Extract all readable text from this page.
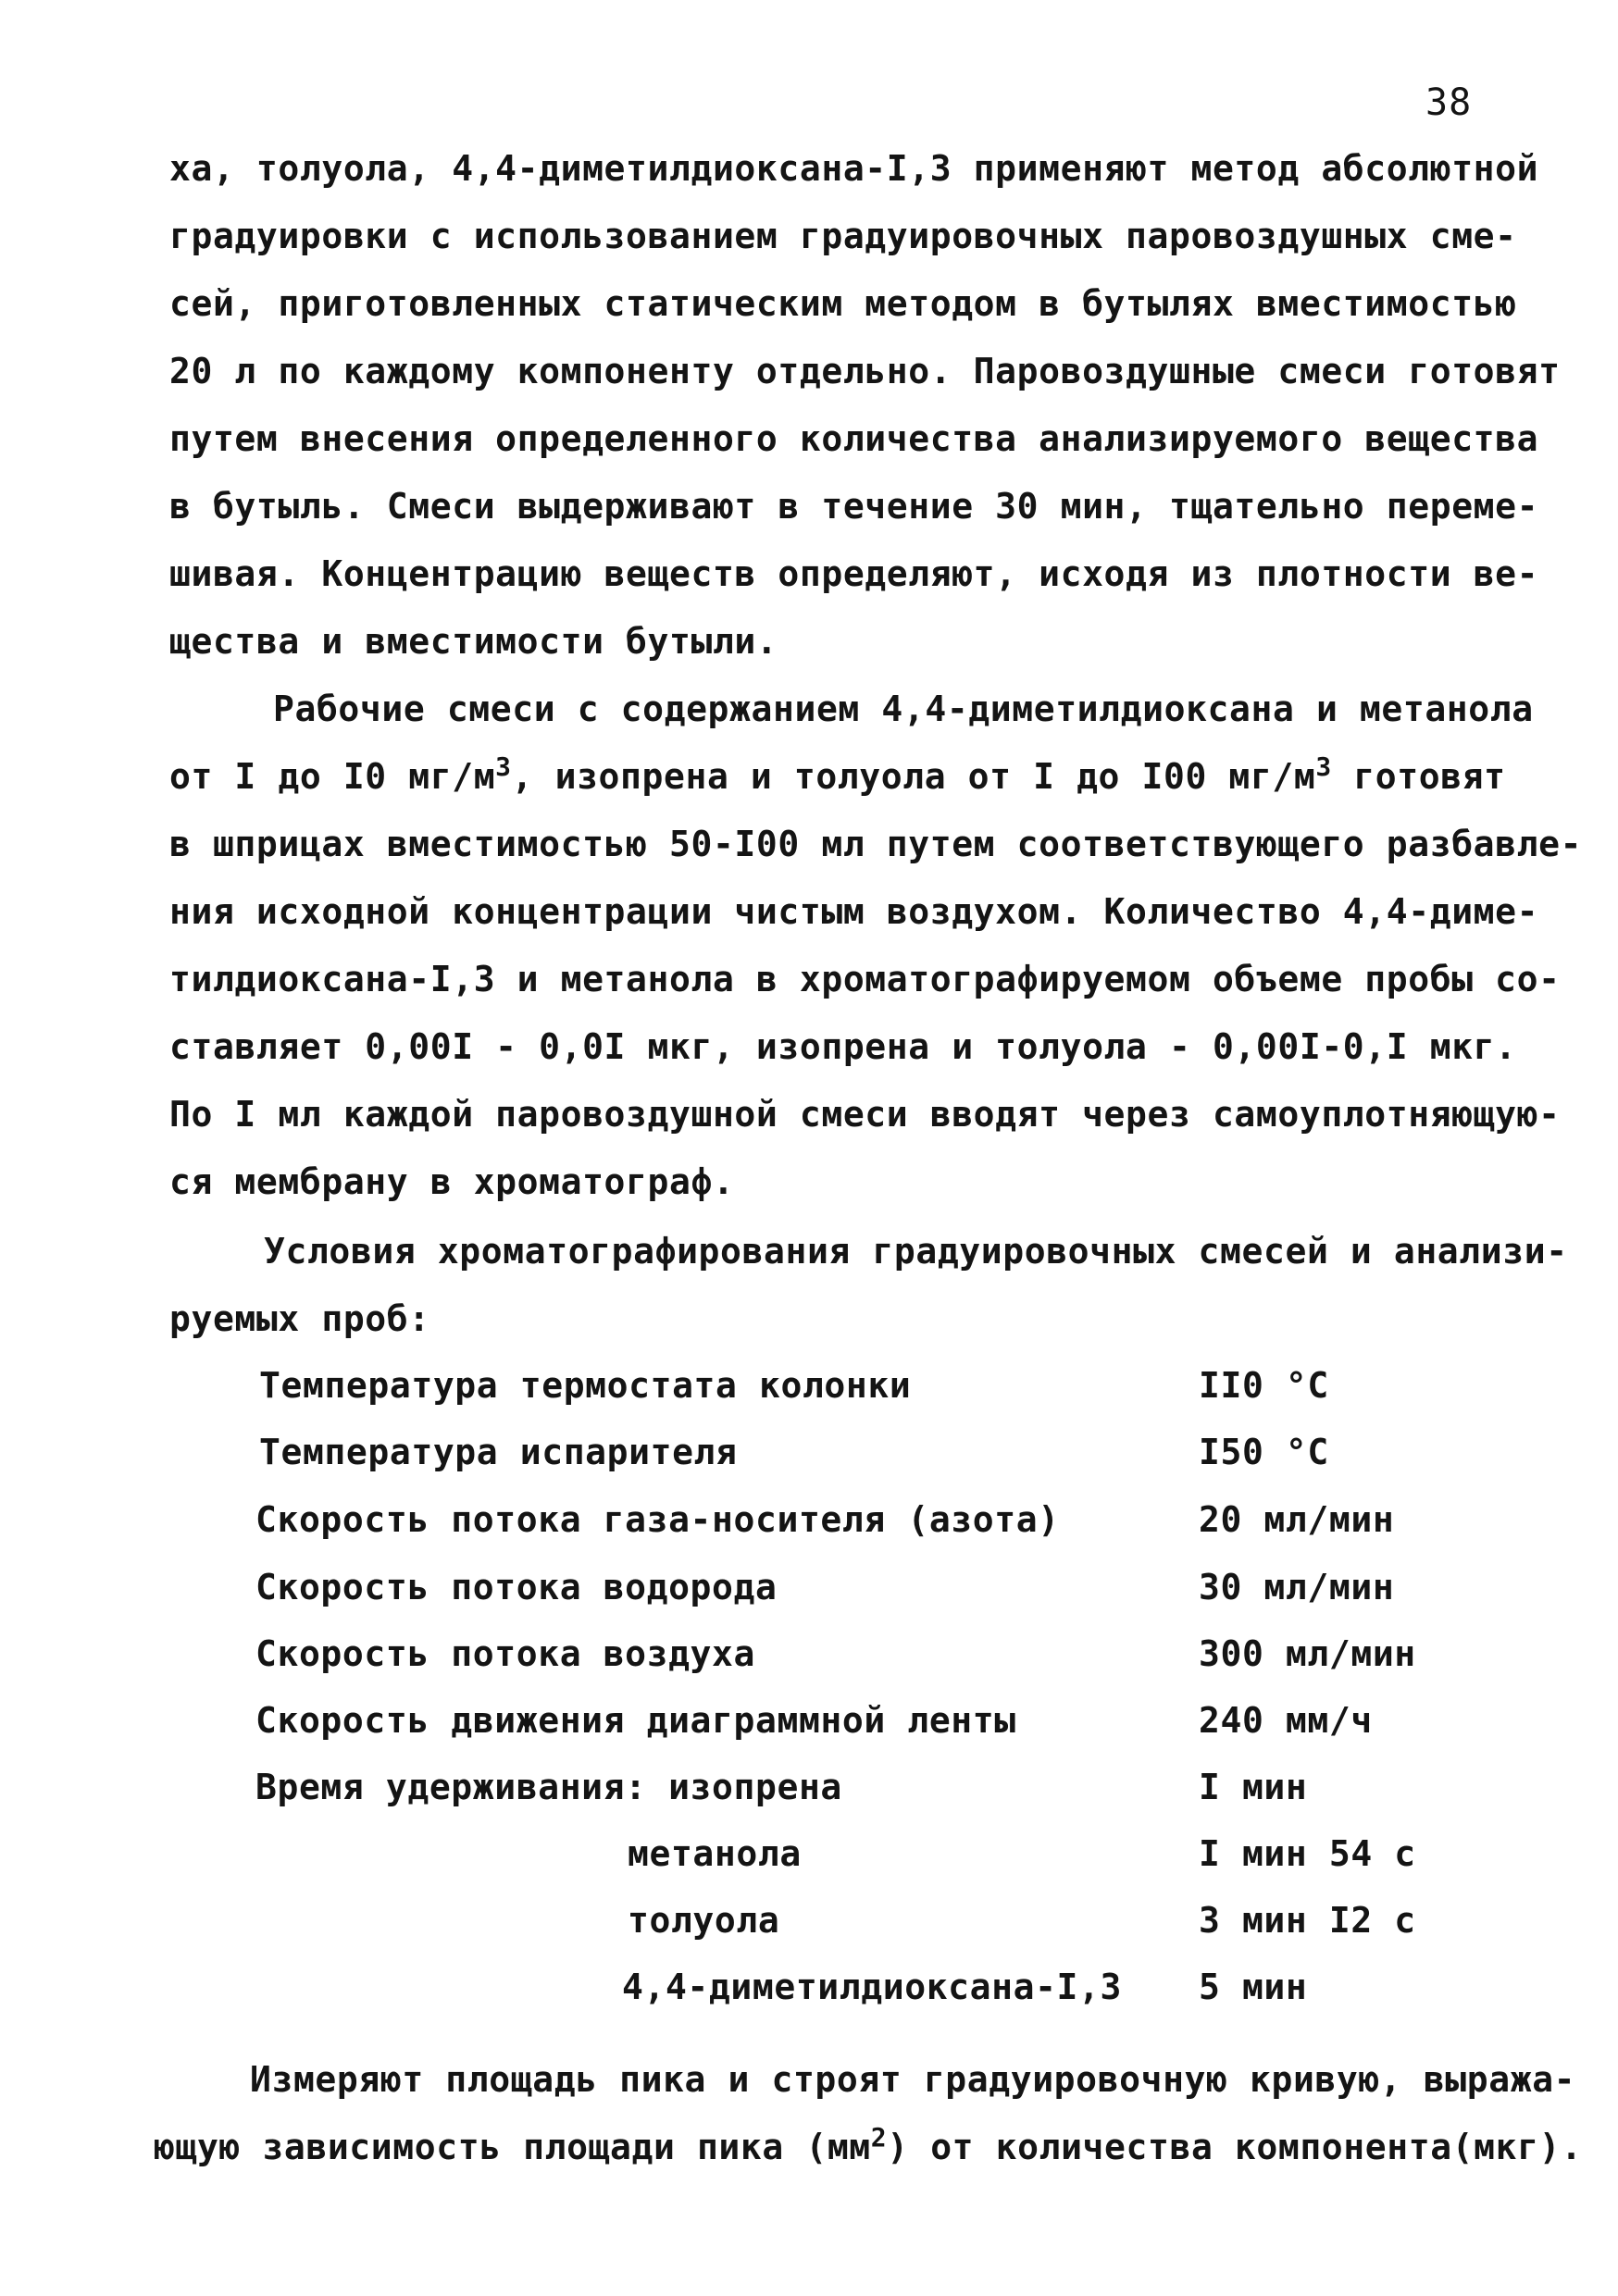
38
ха, толуола, 4,4-диметилдиоксана-I,3 применяют метод абсолютной
градуировки с использованием градуировочных паровоздушных сме-
сей, приготовленных статическим методом в бутылях вместимостью
20 л по каждому компоненту отдельно. Паровоздушные смеси готовят
путем внесения определенного количества анализируемого вещества
в бутыль. Смеси выдерживают в течение 30 мин, тщательно переме-
шивая. Концентрацию веществ определяют, исходя из плотности ве-
щества и вместимости бутыли.
Рабочие смеси с содержанием 4,4-диметилдиоксана и метанола
от I до I0 $мг/м^3$, изопрена и толуола от I до I00 $мг/м^3$ готовят
в шприцах вместимостью 50-I00 мл путем соответствующего разбавле-
ния исходной концентрации чистым воздухом. Количество 4,4-диме-
тилдиоксана-I,3 и метанола в хроматографируемом объеме пробы со-
ставляет 0,00I - 0,0I мкг, изопрена и толуола - 0,00I-0,I мкг.
По I мл каждой паровоздушной смеси вводят через самоуплотняющую-
ся мембрану в хроматограф.
Условия хроматографирования градуировочных смесей и анализи-
руемых проб:
Температура термостата колонки	II0 °C
Температура испарителя	I50 °C
Скорость потока газа-носителя (азота)	20 мл/мин
Скорость потока водорода	30 мл/мин
Скорость потока воздуха	300 мл/мин
Скорость движения диаграммной ленты	240 мм/ч
Время удерживания: изопрена	I мин
метанола	I мин 54 с
толуола	3 мин I2 с
4,4-диметилдиоксана-I,3 5 мин
Измеряют площадь пика и строят градуировочную кривую, выража-
ющую зависимость площади пика $(мм^2)$ от количества компонента(мкг).
